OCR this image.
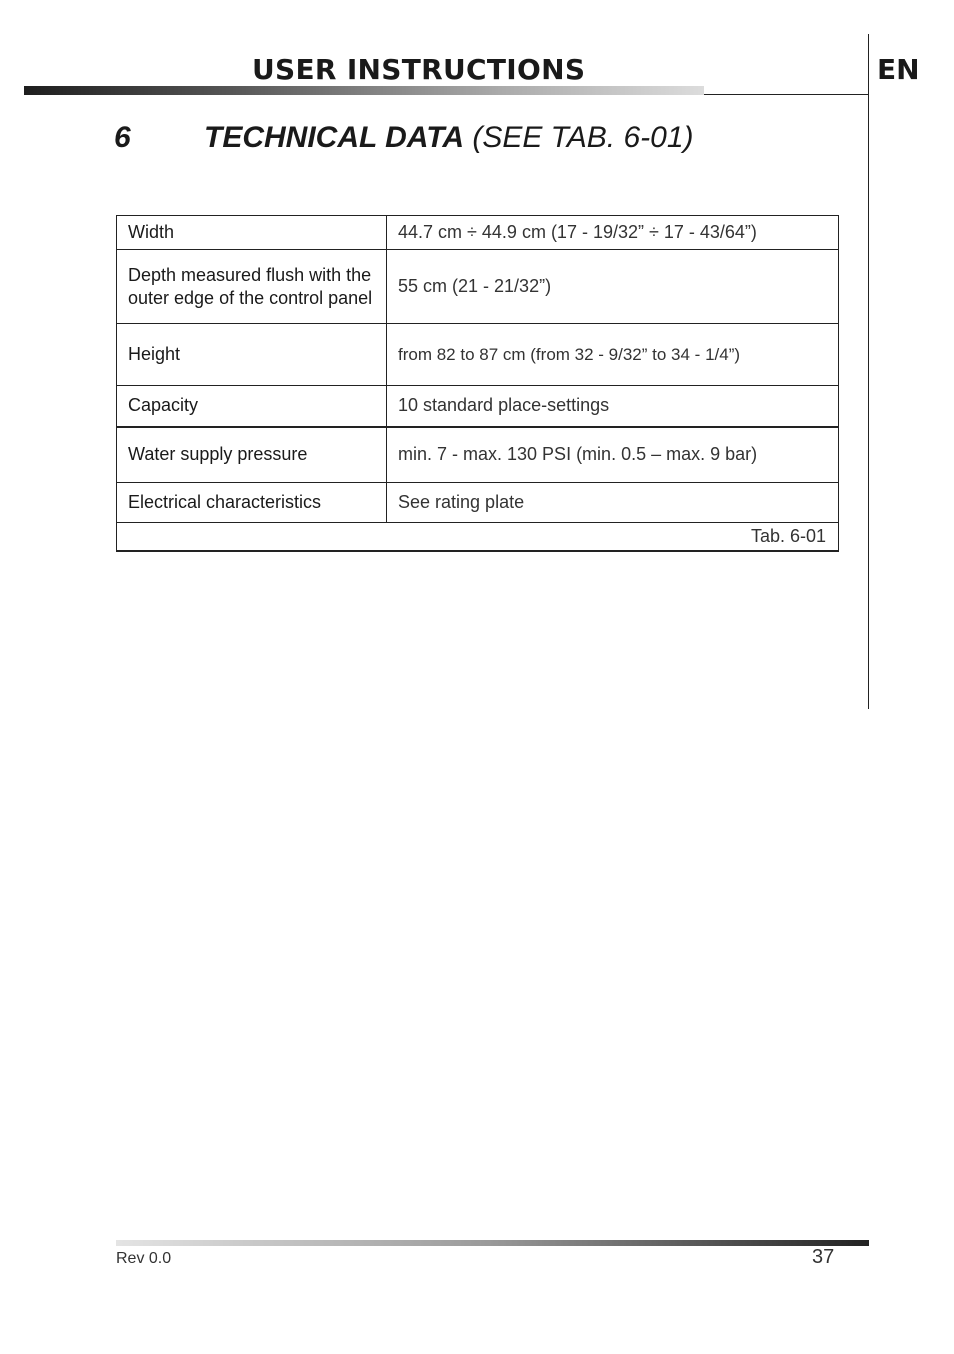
USER INSTRUCTIONS	EN
6 TECHNICAL DATA (SEE TAB. 6-01)
Width	44.7 cm ÷ 44.9 cm (17 - 19/32” ÷ 17 - 43/64”)
Depth measured flush with the outer edge of the control panel	55 cm (21 - 21/32”)
Height	from 82 to 87 cm (from 32 - 9/32” to 34 - 1/4”)
Capacity	10 standard place-settings
Water supply pressure	min. 7 - max. 130 PSI (min. 0.5 – max. 9 bar)
Electrical characteristics	See rating plate
Tab. 6-01	
Rev 0.0	37
